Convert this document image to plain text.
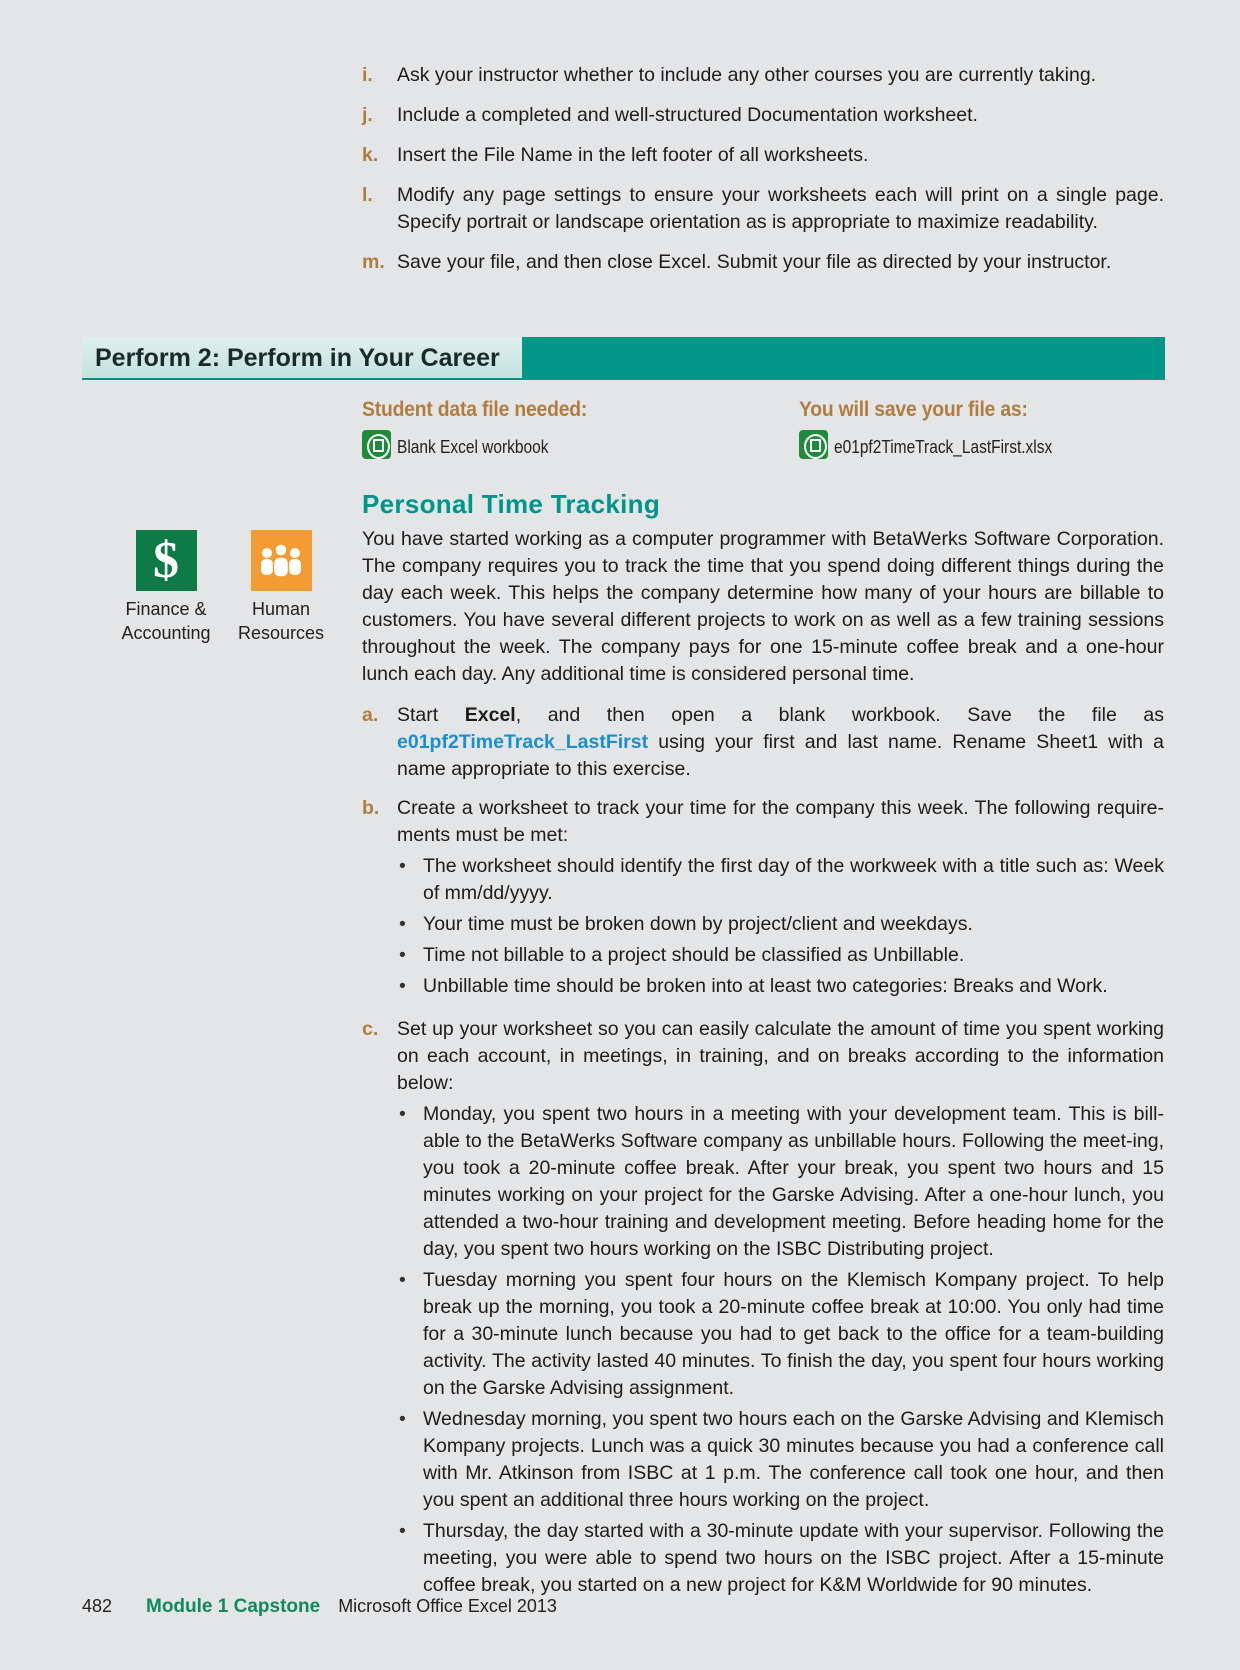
i.	Ask your instructor whether to include any other courses you are currently taking.
j.	Include a completed and well-structured Documentation worksheet.
k. Insert the File Name in the left footer of all worksheets.
l.	Modify any page settings to ensure your worksheets each will print on a single page. Specify portrait or landscape orientation as is appropriate to maximize readability.
m. Save your file, and then close Excel. Submit your file as directed by your instructor.
Perform 2: Perform in Your Career
Student data file needed:
Blank Excel workbook
You will save your file as:
e01pf2TimeTrack_LastFirst.xlsx
Personal Time Tracking
$
Finance &
Accounting
Human
Resources

You have started working as a computer programmer with BetaWerks Software Corporation. The company requires you to track the time that you spend doing different things during the day each week. This helps the company determine how many of your hours are billable to customers. You have several different projects to work on as well as a few training sessions throughout the week. The company pays for one 15-minute coffee break and a one-hour lunch each day. Any additional time is considered personal time.

a. Start Excel, and then open a blank workbook. Save the file as e01pf2TimeTrack_LastFirst using your first and last name. Rename Sheet1 with a name appropriate to this exercise.
b. Create a worksheet to track your time for the company this week. The following require-ments must be met:
• The worksheet should identify the first day of the workweek with a title such as: Week of mm/dd/yyyy.
• Your time must be broken down by project/client and weekdays.
• Time not billable to a project should be classified as Unbillable.
• Unbillable time should be broken into at least two categories: Breaks and Work.
c. Set up your worksheet so you can easily calculate the amount of time you spent working on each account, in meetings, in training, and on breaks according to the information below:
• Monday, you spent two hours in a meeting with your development team. This is bill-able to the BetaWerks Software company as unbillable hours. Following the meet-ing, you took a 20-minute coffee break. After your break, you spent two hours and 15 minutes working on your project for the Garske Advising. After a one-hour lunch, you attended a two-hour training and development meeting. Before heading home for the day, you spent two hours working on the ISBC Distributing project.
• Tuesday morning you spent four hours on the Klemisch Kompany project. To help break up the morning, you took a 20-minute coffee break at 10:00. You only had time for a 30-minute lunch because you had to get back to the office for a team-building activity. The activity lasted 40 minutes. To finish the day, you spent four hours working on the Garske Advising assignment.
• Wednesday morning, you spent two hours each on the Garske Advising and Klemisch Kompany projects. Lunch was a quick 30 minutes because you had a conference call with Mr. Atkinson from ISBC at 1 p.m. The conference call took one hour, and then you spent an additional three hours working on the project.
• Thursday, the day started with a 30-minute update with your supervisor. Following the meeting, you were able to spend two hours on the ISBC project. After a 15-minute coffee break, you started on a new project for K&M Worldwide for 90 minutes.
482	Module 1 Capstone Microsoft Office Excel 2013
